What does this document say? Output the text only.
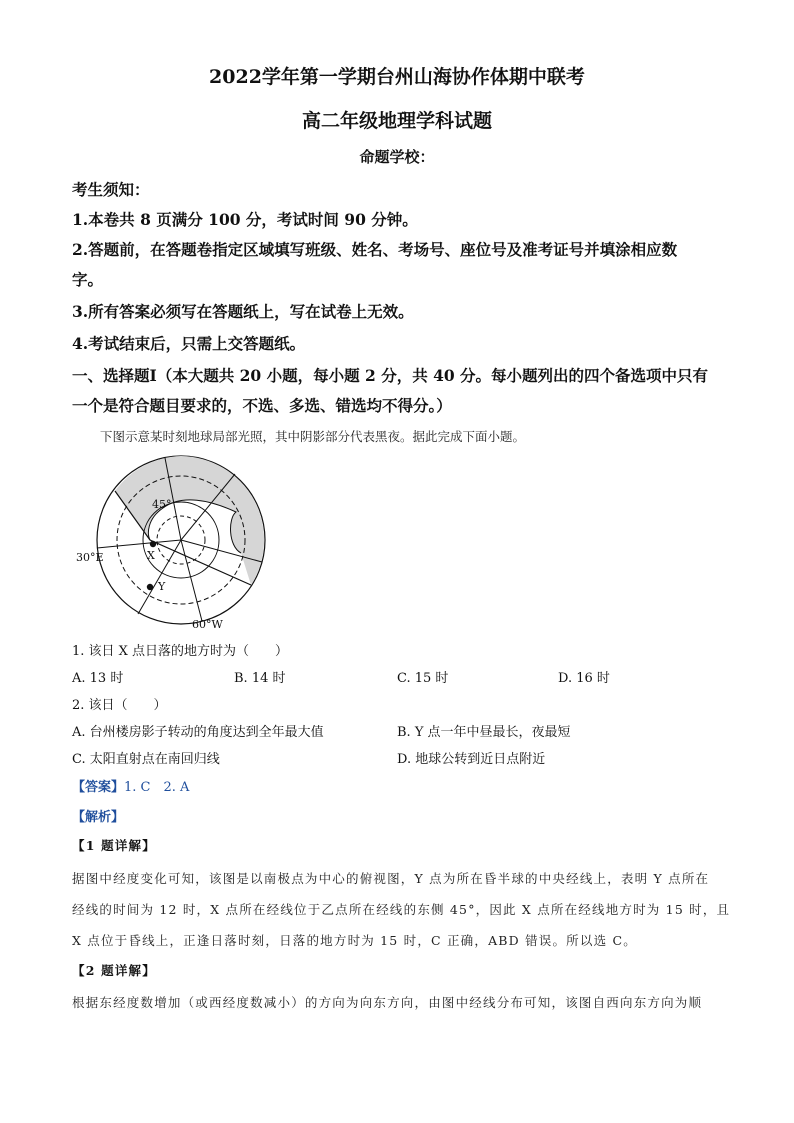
2022学年第一学期台州山海协作体期中联考
高二年级地理学科试题
命题学校：
考生须知：
1.本卷共 8 页满分 100 分，考试时间 90 分钟。
2.答题前，在答题卷指定区域填写班级、姓名、考场号、座位号及准考证号并填涂相应数
字。
3.所有答案必须写在答题纸上，写在试卷上无效。
4.考试结束后，只需上交答题纸。
一、选择题Ⅰ（本大题共 20 小题，每小题 2 分，共 40 分。每小题列出的四个备选项中只有
一个是符合题目要求的，不选、多选、错选均不得分。）
下图示意某时刻地球局部光照，其中阴影部分代表黑夜。据此完成下面小题。
45°
30°E
60°W
X
Y
1. 该日 X 点日落的地方时为（　　）
A. 13 时	B. 14 时	C. 15 时	D. 16 时
2. 该日（　　）
A. 台州楼房影子转动的角度达到全年最大值	B. Y 点一年中昼最长，夜最短
C. 太阳直射点在南回归线	D. 地球公转到近日点附近
【答案】1. C　2. A
【解析】
【1 题详解】
据图中经度变化可知，该图是以南极点为中心的俯视图，Y 点为所在昏半球的中央经线上，表明 Y 点所在
经线的时间为 12 时，X 点所在经线位于乙点所在经线的东侧 45°，因此 X 点所在经线地方时为 15 时，且
X 点位于昏线上，正逢日落时刻，日落的地方时为 15 时，C 正确，ABD 错误。所以选 C。
【2 题详解】
根据东经度数增加（或西经度数减小）的方向为向东方向，由图中经线分布可知，该图自西向东方向为顺
